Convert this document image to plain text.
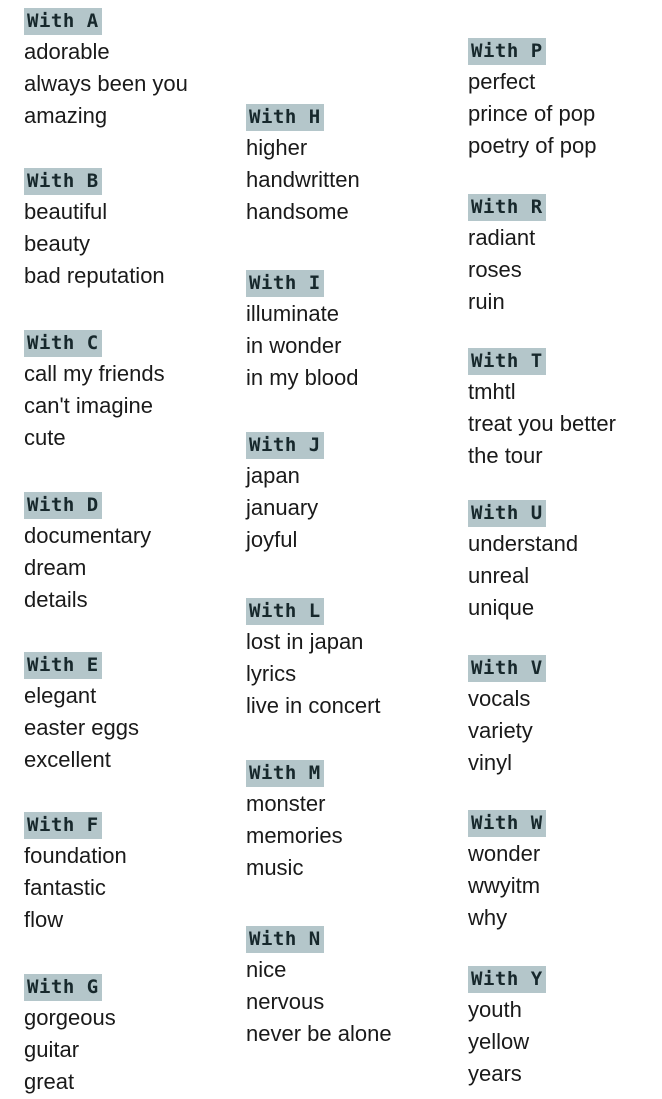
With A
adorable
always been you
amazing
With B
beautiful
beauty
bad reputation
With C
call my friends
can't imagine
cute
With D
documentary
dream
details
With E
elegant
easter eggs
excellent
With F
foundation
fantastic
flow
With G
gorgeous
guitar
great
With H
higher
handwritten
handsome
With I
illuminate
in wonder
in my blood
With J
japan
january
joyful
With L
lost in japan
lyrics
live in concert
With M
monster
memories
music
With N
nice
nervous
never be alone
With P
perfect
prince of pop
poetry of pop
With R
radiant
roses
ruin
With T
tmhtl
treat you better
the tour
With U
understand
unreal
unique
With V
vocals
variety
vinyl
With W
wonder
wwyitm
why
With Y
youth
yellow
years
